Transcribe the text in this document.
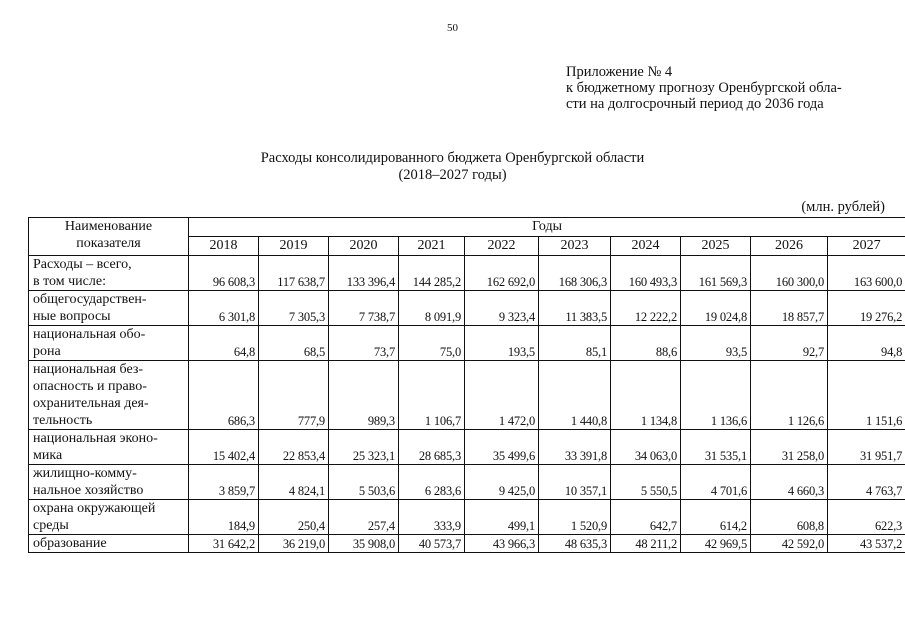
50
Приложение № 4
к бюджетному прогнозу Оренбургской обла-
сти на долгосрочный период до 2036 года
Расходы консолидированного бюджета Оренбургской области
(2018–2027 годы)
(млн. рублей)
Наименование
показателя	Годы									
	2018	2019	2020	2021	2022	2023	2024	2025	2026	2027

Расходы – всего,
в том числе:	96 608,3	117 638,7	133 396,4	144 285,2	162 692,0	168 306,3	160 493,3	161 569,3	160 300,0	163 600,0

общегосударствен-
ные вопросы	6 301,8	7 305,3	7 738,7	8 091,9	9 323,4	11 383,5	12 222,2	19 024,8	18 857,7	19 276,2

национальная обо-
рона	64,8	68,5	73,7	75,0	193,5	85,1	88,6	93,5	92,7	94,8

национальная без-
опасность и право-
охранительная дея-
тельность	686,3	777,9	989,3	1 106,7	1 472,0	1 440,8	1 134,8	1 136,6	1 126,6	1 151,6

национальная эконо-
мика	15 402,4	22 853,4	25 323,1	28 685,3	35 499,6	33 391,8	34 063,0	31 535,1	31 258,0	31 951,7

жилищно-комму-
нальное хозяйство	3 859,7	4 824,1	5 503,6	6 283,6	9 425,0	10 357,1	5 550,5	4 701,6	4 660,3	4 763,7

охрана окружающей
среды	184,9	250,4	257,4	333,9	499,1	1 520,9	642,7	614,2	608,8	622,3

образование	31 642,2	36 219,0	35 908,0	40 573,7	43 966,3	48 635,3	48 211,2	42 969,5	42 592,0	43 537,2
